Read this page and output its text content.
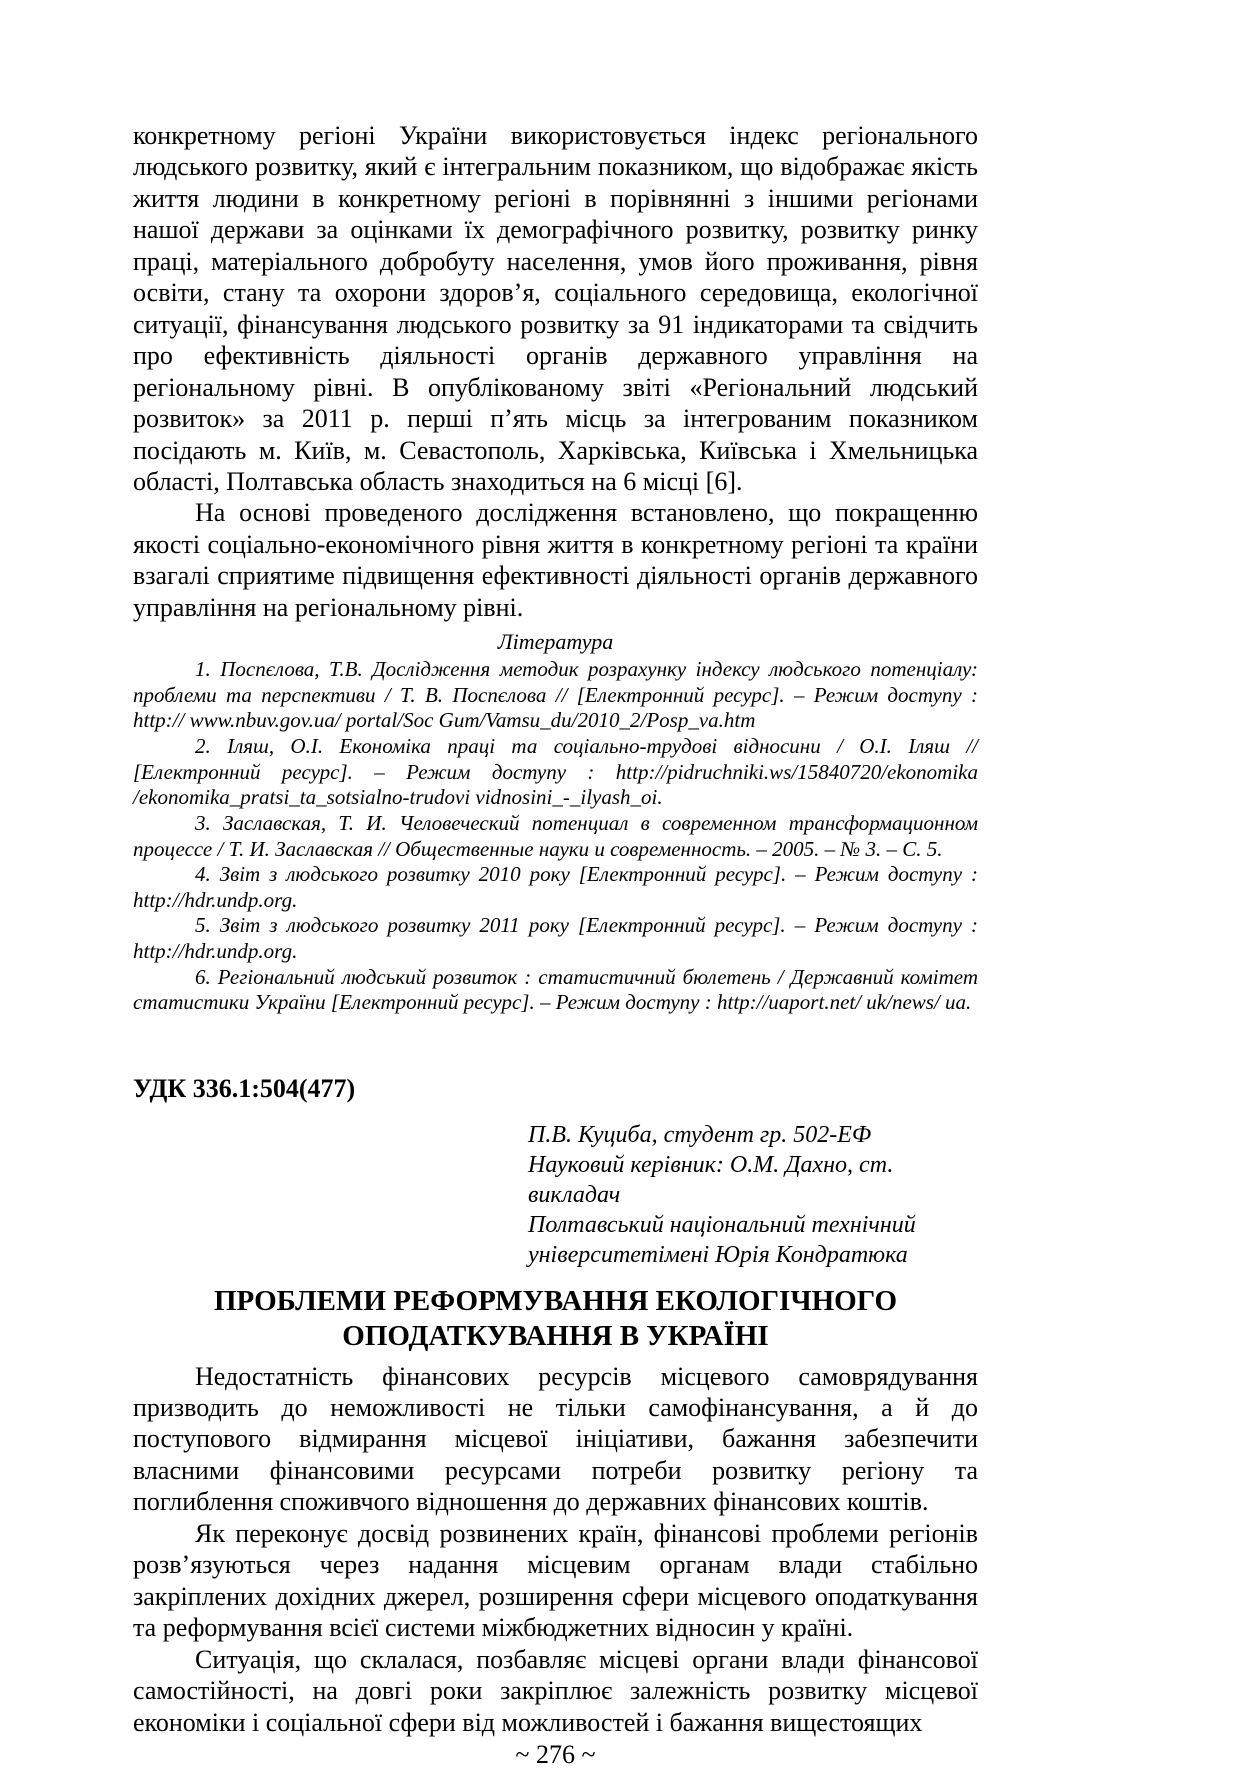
конкретному регіоні України використовується індекс регіонального людського розвитку, який є інтегральним показником, що відображає якість життя людини в конкретному регіоні в порівнянні з іншими регіонами нашої держави за оцінками їх демографічного розвитку, розвитку ринку праці, матеріального добробуту населення, умов його проживання, рівня освіти, стану та охорони здоров’я, соціального середовища, екологічної ситуації, фінансування людського розвитку за 91 індикаторами та свідчить про ефективність діяльності органів державного управління на регіональному рівні. В опублікованому звіті «Регіональний людський розвиток» за 2011 р. перші п’ять місць за інтегрованим показником посідають м. Київ, м. Севастополь, Харківська, Київська і Хмельницька області, Полтавська область знаходиться на 6 місці [6].

На основі проведеного дослідження встановлено, що покращенню якості соціально-економічного рівня життя в конкретному регіоні та країни взагалі сприятиме підвищення ефективності діяльності органів державного управління на регіональному рівні.

Література

1. Поспєлова, Т.В. Дослідження методик розрахунку індексу людського потенціалу: проблеми та перспективи / Т. В. Поспєлова // [Електронний ресурс]. – Режим доступу : http:// www.nbuv.gov.ua/ portal/Soc Gum/Vamsu_du/2010_2/Posp_va.htm

2. Іляш, О.І. Економіка праці та соціально-трудові відносини / О.І. Іляш // [Електронний ресурс]. – Режим доступу : http://pidruchniki.ws/15840720/ekonomika /ekonomika_pratsi_ta_sotsialno-trudovi vidnosini_-_ilyash_oi.

3. Заславская, Т. И. Человеческий потенциал в современном трансформационном процессе / Т. И. Заславская // Общественные науки и современность. – 2005. – № 3. – С. 5.

4. Звіт з людського розвитку 2010 року [Електронний ресурс]. – Режим доступу : http://hdr.undp.org.

5. Звіт з людського розвитку 2011 року [Електронний ресурс]. – Режим доступу : http://hdr.undp.org.

6. Регіональний людський розвиток : статистичний бюлетень / Державний комітет статистики України [Електронний ресурс]. – Режим доступу : http://uaport.net/ uk/news/ ua.

УДК 336.1:504(477)

П.В. Куциба, студент гр. 502-ЕФ

Науковий керівник: О.М. Дахно, ст. викладач

Полтавський національний технічний

університетімені Юрія Кондратюка

ПРОБЛЕМИ РЕФОРМУВАННЯ ЕКОЛОГІЧНОГО ОПОДАТКУВАННЯ В УКРАЇНІ

Недостатність фінансових ресурсів місцевого самоврядування призводить до неможливості не тільки самофінансування, а й до поступового відмирання місцевої ініціативи, бажання забезпечити власними фінансовими ресурсами потреби розвитку регіону та поглиблення споживчого відношення до державних фінансових коштів.

Як переконує досвід розвинених країн, фінансові проблеми регіонів розв’язуються через надання місцевим органам влади стабільно закріплених дохідних джерел, розширення сфери місцевого оподаткування та реформування всієї системи міжбюджетних відносин у країні.

Ситуація, що склалася, позбавляє місцеві органи влади фінансової самостійності, на довгі роки закріплює залежність розвитку місцевої економіки і соціальної сфери від можливостей і бажання вищестоящих

~ 276 ~
